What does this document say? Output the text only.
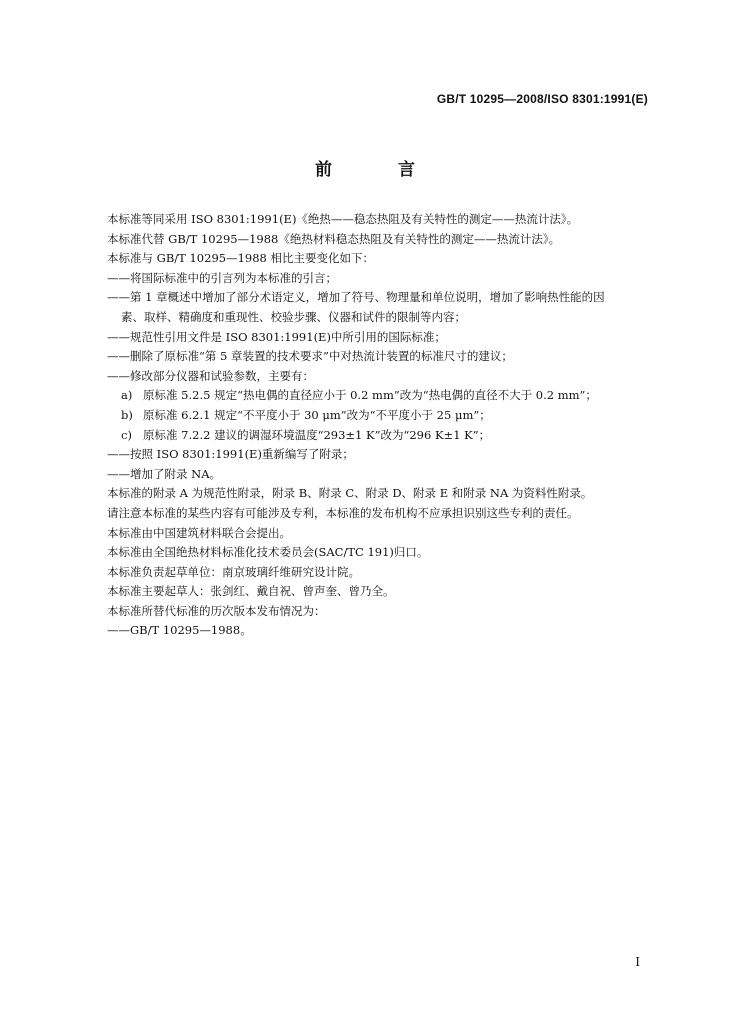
GB/T 10295—2008/ISO 8301:1991(E)
前 言
本标准等同采用 ISO 8301:1991(E)《绝热——稳态热阻及有关特性的测定——热流计法》。
本标准代替 GB/T 10295—1988《绝热材料稳态热阻及有关特性的测定——热流计法》。
本标准与 GB/T 10295—1988 相比主要变化如下：
——将国际标准中的引言列为本标准的引言；
——第 1 章概述中增加了部分术语定义，增加了符号、物理量和单位说明，增加了影响热性能的因
素、取样、精确度和重现性、校验步骤、仪器和试件的限制等内容；
——规范性引用文件是 ISO 8301:1991(E)中所引用的国际标准；
——删除了原标准“第 5 章装置的技术要求”中对热流计装置的标准尺寸的建议；
——修改部分仪器和试验参数，主要有：
a) 原标准 5.2.5 规定“热电偶的直径应小于 0.2 mm”改为“热电偶的直径不大于 0.2 mm”；
b) 原标准 6.2.1 规定“不平度小于 30 μm”改为“不平度小于 25 μm”；
c) 原标准 7.2.2 建议的调湿环境温度“293±1 K”改为“296 K±1 K”；
——按照 ISO 8301:1991(E)重新编写了附录；
——增加了附录 NA。
本标准的附录 A 为规范性附录，附录 B、附录 C、附录 D、附录 E 和附录 NA 为资料性附录。
请注意本标准的某些内容有可能涉及专利，本标准的发布机构不应承担识别这些专利的责任。
本标准由中国建筑材料联合会提出。
本标准由全国绝热材料标准化技术委员会(SAC/TC 191)归口。
本标准负责起草单位：南京玻璃纤维研究设计院。
本标准主要起草人：张剑红、戴自祝、曾声奎、曾乃全。
本标准所替代标准的历次版本发布情况为：
——GB/T 10295—1988。
I
